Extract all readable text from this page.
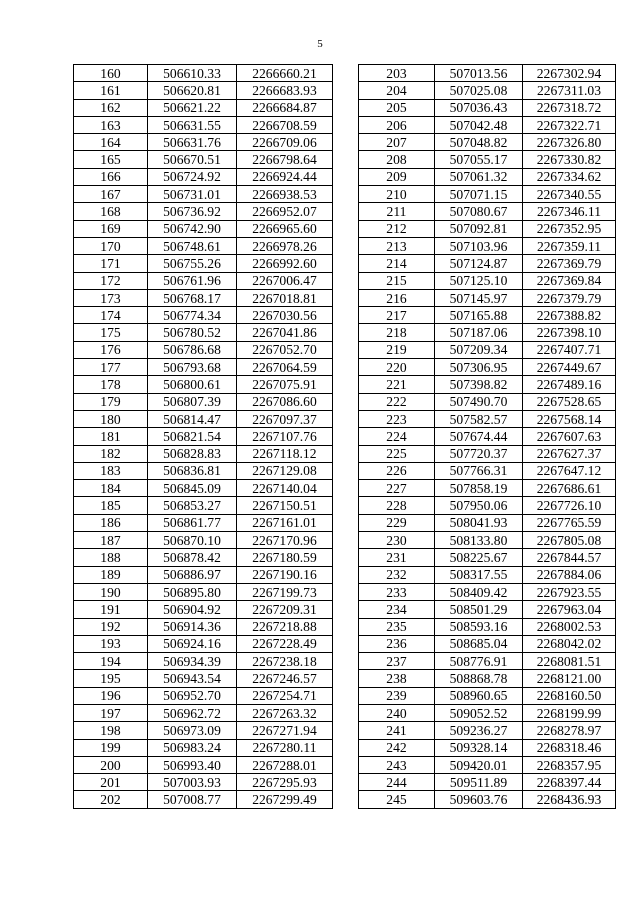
5
160	506610.33	2266660.21
161	506620.81	2266683.93
162	506621.22	2266684.87
163	506631.55	2266708.59
164	506631.76	2266709.06
165	506670.51	2266798.64
166	506724.92	2266924.44
167	506731.01	2266938.53
168	506736.92	2266952.07
169	506742.90	2266965.60
170	506748.61	2266978.26
171	506755.26	2266992.60
172	506761.96	2267006.47
173	506768.17	2267018.81
174	506774.34	2267030.56
175	506780.52	2267041.86
176	506786.68	2267052.70
177	506793.68	2267064.59
178	506800.61	2267075.91
179	506807.39	2267086.60
180	506814.47	2267097.37
181	506821.54	2267107.76
182	506828.83	2267118.12
183	506836.81	2267129.08
184	506845.09	2267140.04
185	506853.27	2267150.51
186	506861.77	2267161.01
187	506870.10	2267170.96
188	506878.42	2267180.59
189	506886.97	2267190.16
190	506895.80	2267199.73
191	506904.92	2267209.31
192	506914.36	2267218.88
193	506924.16	2267228.49
194	506934.39	2267238.18
195	506943.54	2267246.57
196	506952.70	2267254.71
197	506962.72	2267263.32
198	506973.09	2267271.94
199	506983.24	2267280.11
200	506993.40	2267288.01
201	507003.93	2267295.93
202	507008.77	2267299.49
203	507013.56	2267302.94
204	507025.08	2267311.03
205	507036.43	2267318.72
206	507042.48	2267322.71
207	507048.82	2267326.80
208	507055.17	2267330.82
209	507061.32	2267334.62
210	507071.15	2267340.55
211	507080.67	2267346.11
212	507092.81	2267352.95
213	507103.96	2267359.11
214	507124.87	2267369.79
215	507125.10	2267369.84
216	507145.97	2267379.79
217	507165.88	2267388.82
218	507187.06	2267398.10
219	507209.34	2267407.71
220	507306.95	2267449.67
221	507398.82	2267489.16
222	507490.70	2267528.65
223	507582.57	2267568.14
224	507674.44	2267607.63
225	507720.37	2267627.37
226	507766.31	2267647.12
227	507858.19	2267686.61
228	507950.06	2267726.10
229	508041.93	2267765.59
230	508133.80	2267805.08
231	508225.67	2267844.57
232	508317.55	2267884.06
233	508409.42	2267923.55
234	508501.29	2267963.04
235	508593.16	2268002.53
236	508685.04	2268042.02
237	508776.91	2268081.51
238	508868.78	2268121.00
239	508960.65	2268160.50
240	509052.52	2268199.99
241	509236.27	2268278.97
242	509328.14	2268318.46
243	509420.01	2268357.95
244	509511.89	2268397.44
245	509603.76	2268436.93
